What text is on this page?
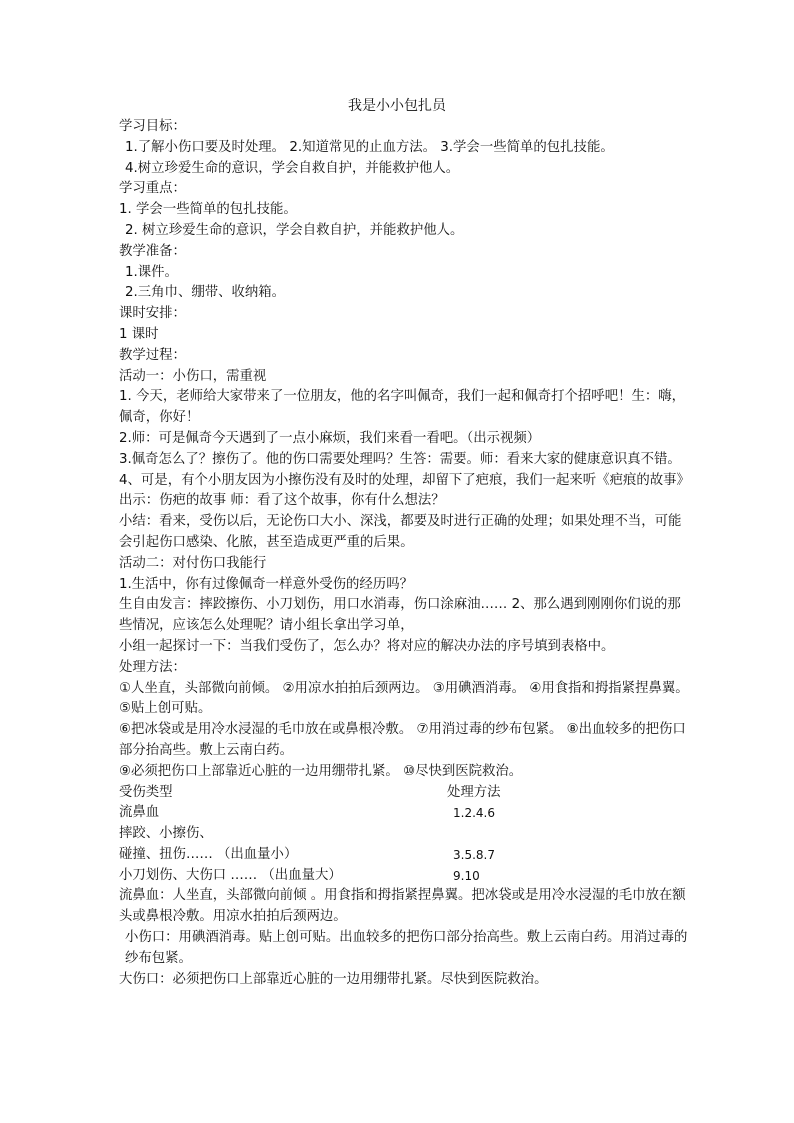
我是小小包扎员
学习目标：
1.了解小伤口要及时处理。 2.知道常见的止血方法。 3.学会一些简单的包扎技能。
4.树立珍爱生命的意识，学会自救自护，并能救护他人。
学习重点：
1. 学会一些简单的包扎技能。
2. 树立珍爱生命的意识，学会自救自护，并能救护他人。
教学准备：
1.课件。
2.三角巾、绷带、收纳箱。
课时安排：
1 课时
教学过程：
活动一：小伤口，需重视
1. 今天，老师给大家带来了一位朋友，他的名字叫佩奇，我们一起和佩奇打个招呼吧！生：嗨，佩奇，你好！
2.师：可是佩奇今天遇到了一点小麻烦，我们来看一看吧。（出示视频）
3.佩奇怎么了？擦伤了。他的伤口需要处理吗？生答：需要。师：看来大家的健康意识真不错。
4、可是，有个小朋友因为小擦伤没有及时的处理，却留下了疤痕，我们一起来听《疤痕的故事》 出示：伤疤的故事 师：看了这个故事，你有什么想法？
小结：看来，受伤以后，无论伤口大小、深浅，都要及时进行正确的处理；如果处理不当，可能会引起伤口感染、化脓，甚至造成更严重的后果。
活动二：对付伤口我能行
1.生活中，你有过像佩奇一样意外受伤的经历吗？
生自由发言：摔跤擦伤、小刀划伤，用口水消毒，伤口涂麻油…… 2、那么遇到刚刚你们说的那些情况，应该怎么处理呢？请小组长拿出学习单，
小组一起探讨一下：当我们受伤了，怎么办？将对应的解决办法的序号填到表格中。
处理方法：
①人坐直，头部微向前倾。 ②用凉水拍拍后颈两边。 ③用碘酒消毒。 ④用食指和拇指紧捏鼻翼。 ⑤贴上创可贴。
⑥把冰袋或是用冷水浸湿的毛巾放在或鼻根冷敷。 ⑦用消过毒的纱布包紧。 ⑧出血较多的把伤口部分抬高些。敷上云南白药。
⑨必须把伤口上部靠近心脏的一边用绷带扎紧。 ⑩尽快到医院救治。
受伤类型	处理方法
流鼻血	1.2.4.6
摔跤、小擦伤、
碰撞、扭伤…… （出血量小）	3.5.8.7
小刀划伤、大伤口 …… （出血量大）	9.10
流鼻血：人坐直，头部微向前倾 。用食指和拇指紧捏鼻翼。把冰袋或是用冷水浸湿的毛巾放在额头或鼻根冷敷。用凉水拍拍后颈两边。
小伤口：用碘酒消毒。贴上创可贴。出血较多的把伤口部分抬高些。敷上云南白药。用消过毒的纱布包紧。
大伤口：必须把伤口上部靠近心脏的一边用绷带扎紧。尽快到医院救治。
